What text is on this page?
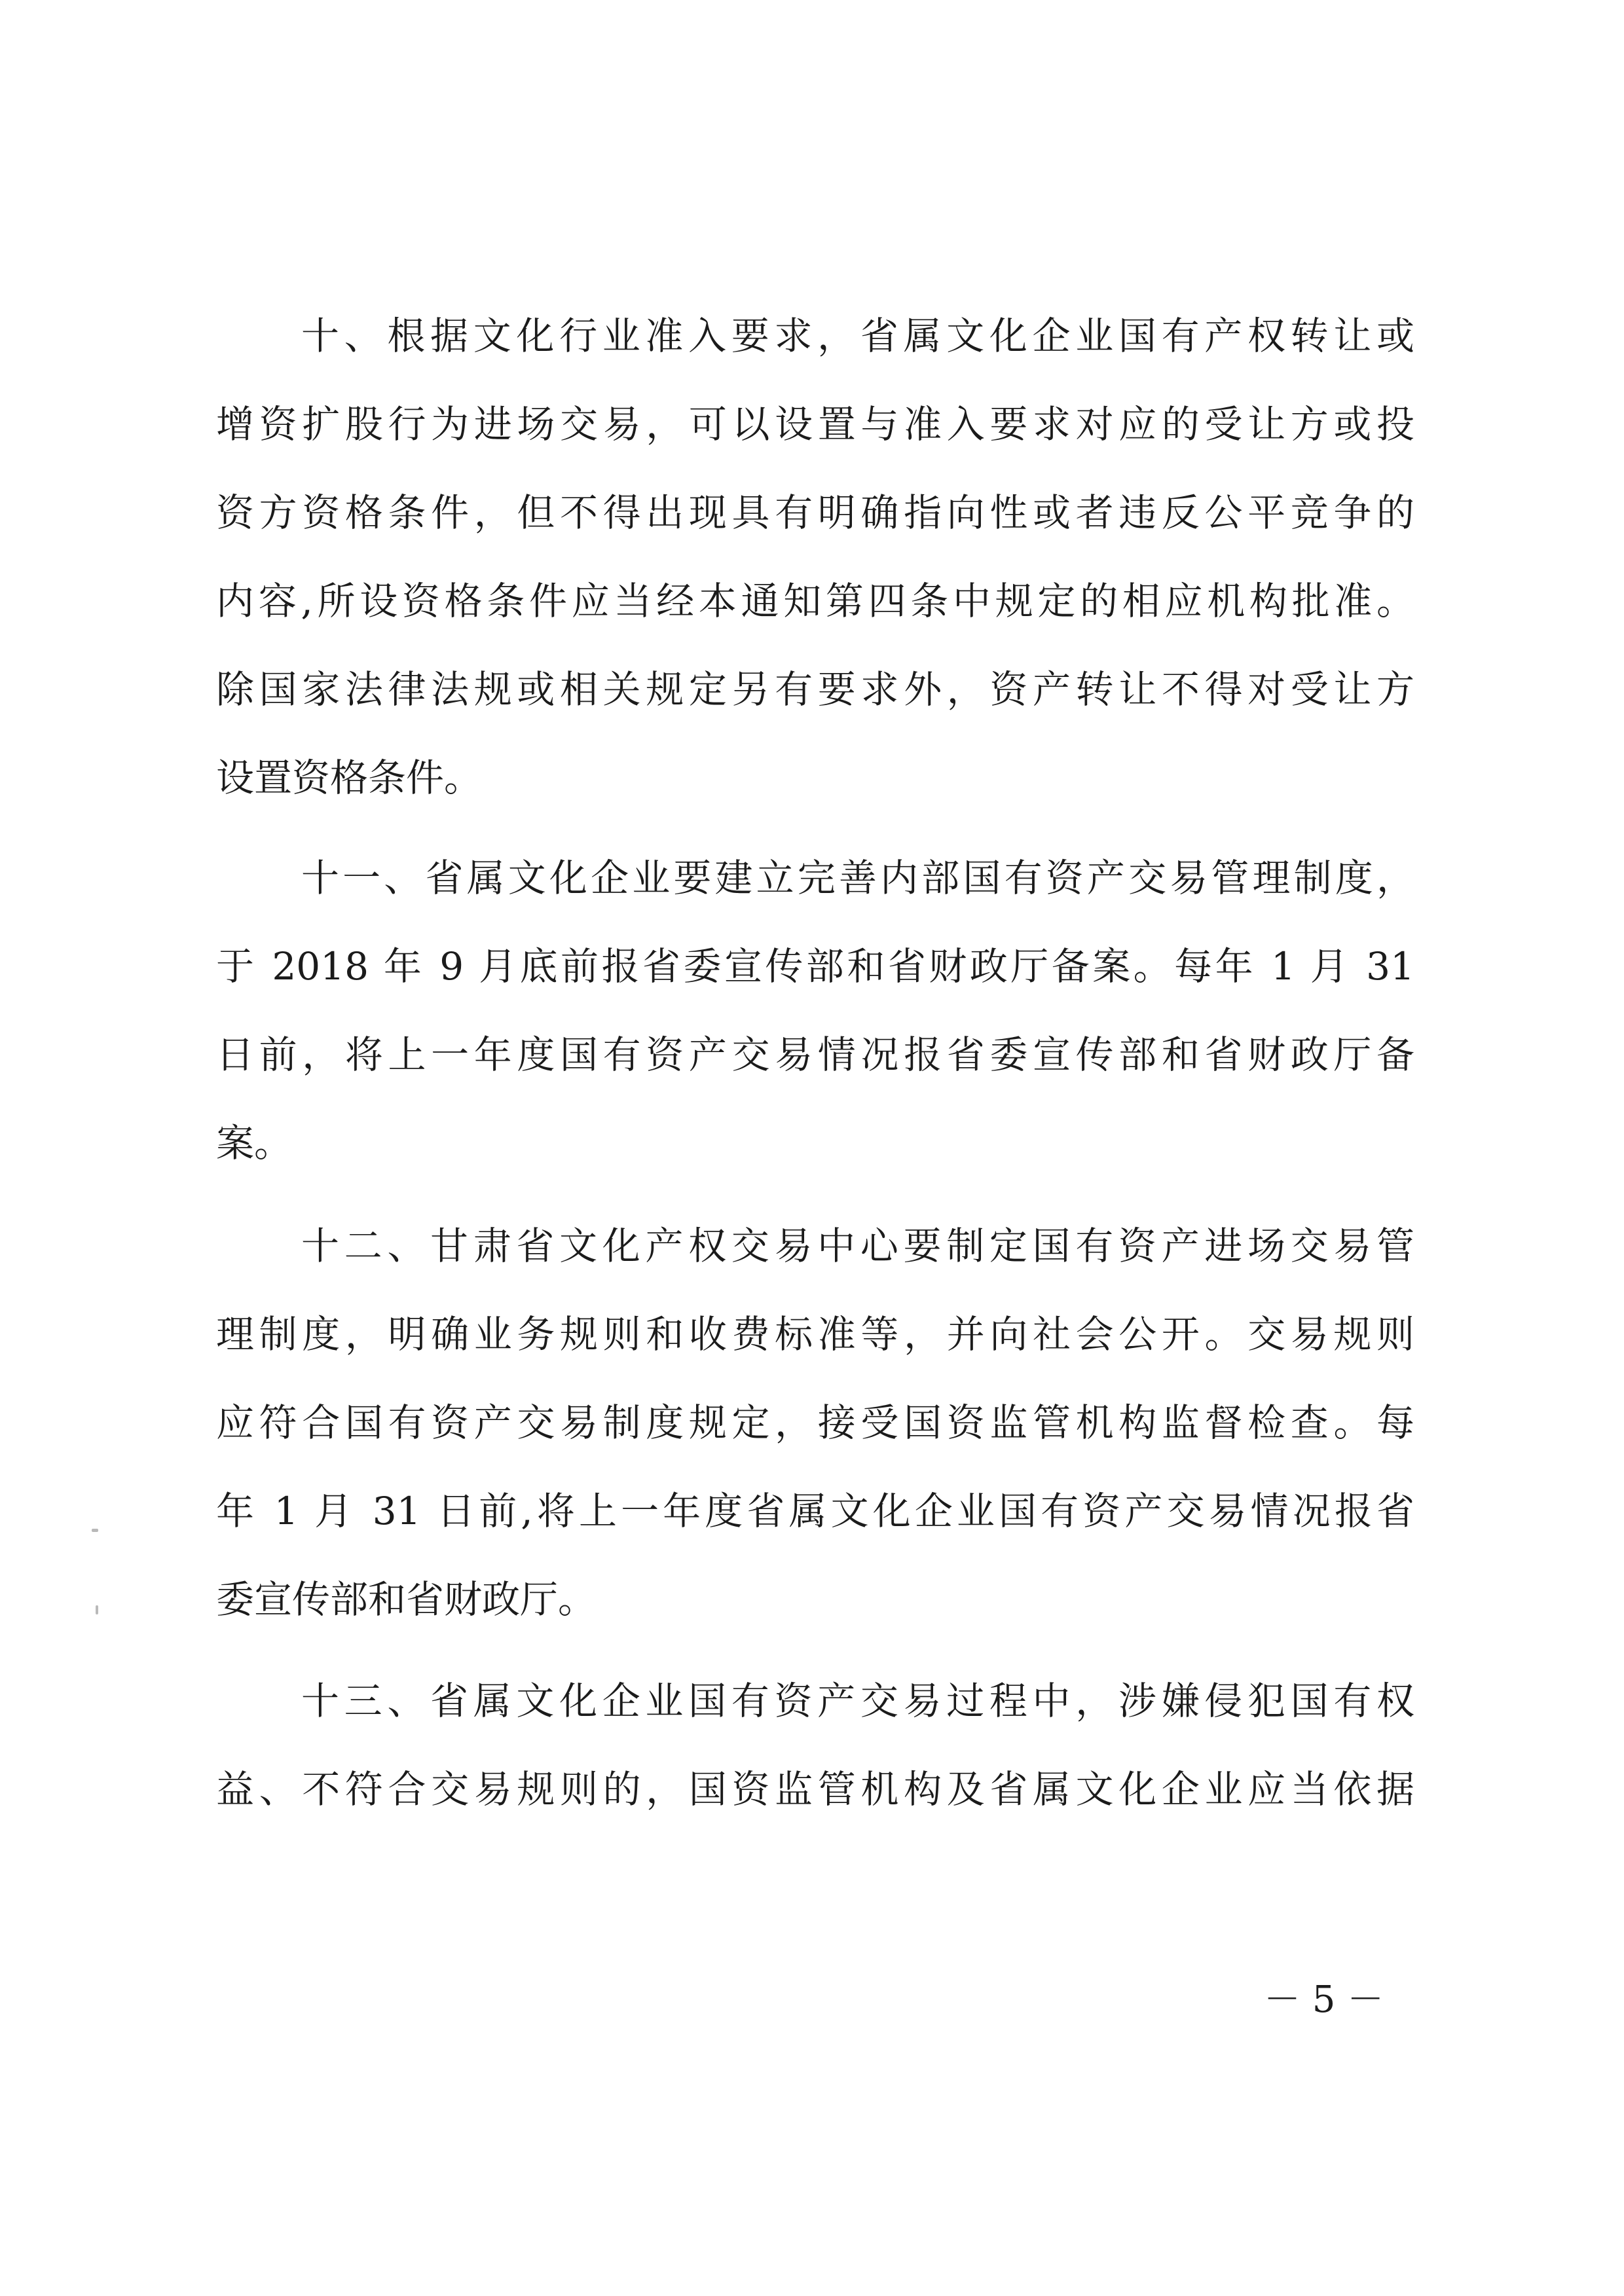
十、根据文化行业准入要求，省属文化企业国有产权转让或
增资扩股行为进场交易，可以设置与准入要求对应的受让方或投
资方资格条件，但不得出现具有明确指向性或者违反公平竞争的
内容,所设资格条件应当经本通知第四条中规定的相应机构批准。
除国家法律法规或相关规定另有要求外，资产转让不得对受让方
设置资格条件。
十一、省属文化企业要建立完善内部国有资产交易管理制度，
于 2018 年 9 月底前报省委宣传部和省财政厅备案。每年 1 月 31
日前，将上一年度国有资产交易情况报省委宣传部和省财政厅备
案。
十二、甘肃省文化产权交易中心要制定国有资产进场交易管
理制度，明确业务规则和收费标准等，并向社会公开。交易规则
应符合国有资产交易制度规定，接受国资监管机构监督检查。每
年 1 月 31 日前,将上一年度省属文化企业国有资产交易情况报省
委宣传部和省财政厅。
十三、省属文化企业国有资产交易过程中，涉嫌侵犯国有权
益、不符合交易规则的，国资监管机构及省属文化企业应当依据
－ 5 －
